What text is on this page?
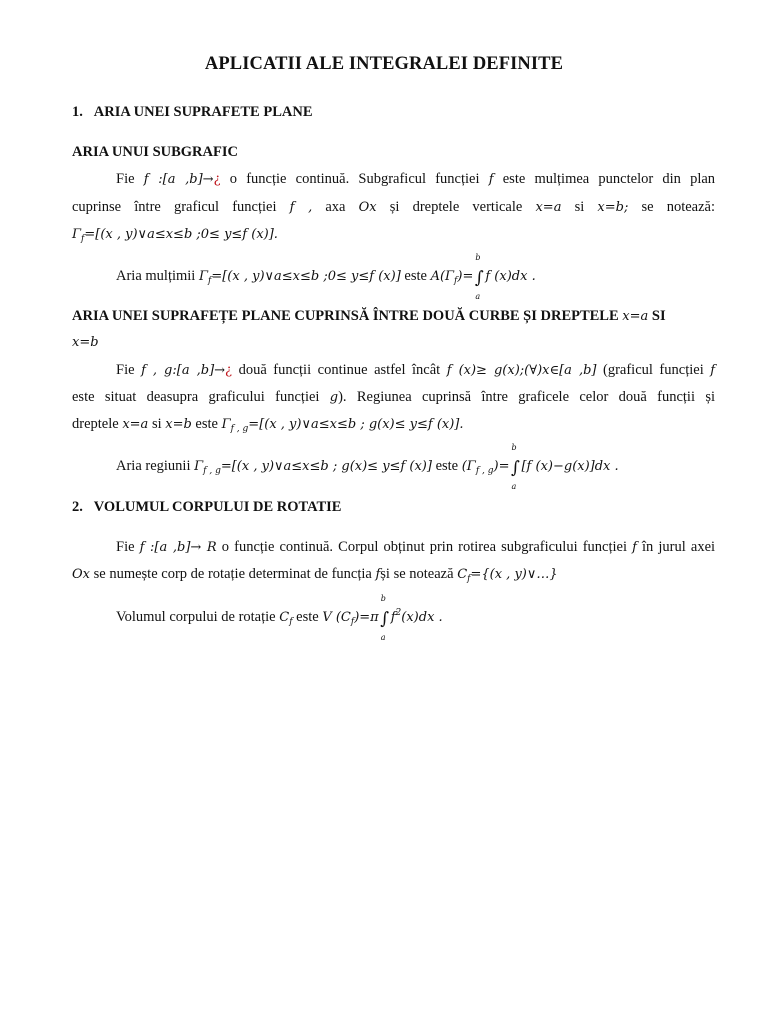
APLICATII ALE INTEGRALEI DEFINITE
1.   ARIA UNEI SUPRAFETE PLANE
ARIA UNUI SUBGRAFIC
Fie f :[a ,b]→¿ o funcție continuă. Subgraficul funcției f este mulțimea punctelor din plan
cuprinse între graficul funcției f , axa Ox și dreptele verticale x=a si x=b; se notează:
$\Gamma_f=[(x$ , y)∨a≤x≤b ;0≤ y≤f (x)].
Aria mulțimii $\Gamma_f=[(x$ , y)∨a≤x≤b ;0≤ y≤f (x)] este $A(\Gamma_f)=\int$
b
a
f (x)dx .
ARIA UNEI SUPRAFEȚE PLANE CUPRINSĂ ÎNTRE DOUĂ CURBE ȘI DREPTELE x=a SI
x=b
Fie f , g:[a ,b]→¿ două funcții continue astfel încât f (x)≥ g(x);(∀)x∈[a ,b] (graficul funcției f
este situat deasupra graficului funcției g). Regiunea cuprinsă între graficele celor două funcții și
dreptele x=a si x=b este $\Gamma_{f , g}=[(x$ , y)∨a≤x≤b ; g(x)≤ y≤f (x)].
Aria regiunii $\Gamma_{f , g}=[(x$ , y)∨a≤x≤b ; g(x)≤ y≤f (x)] este $(\Gamma_{f , g})=\int$
b
a
[f (x)−g(x)]dx .
2.   VOLUMUL CORPULUI DE ROTATIE
Fie f :[a ,b]→ R o funcție continuă. Corpul obținut prin rotirea subgraficului funcției f în jurul axei
Ox se numește corp de rotație determinat de funcția fși se notează $C_f=\{(x$ , y)∨…}
Volumul corpului de rotație $C_f$ este V $(C_f)=\pi\int$
b
a
$f^2(x)dx$ .
